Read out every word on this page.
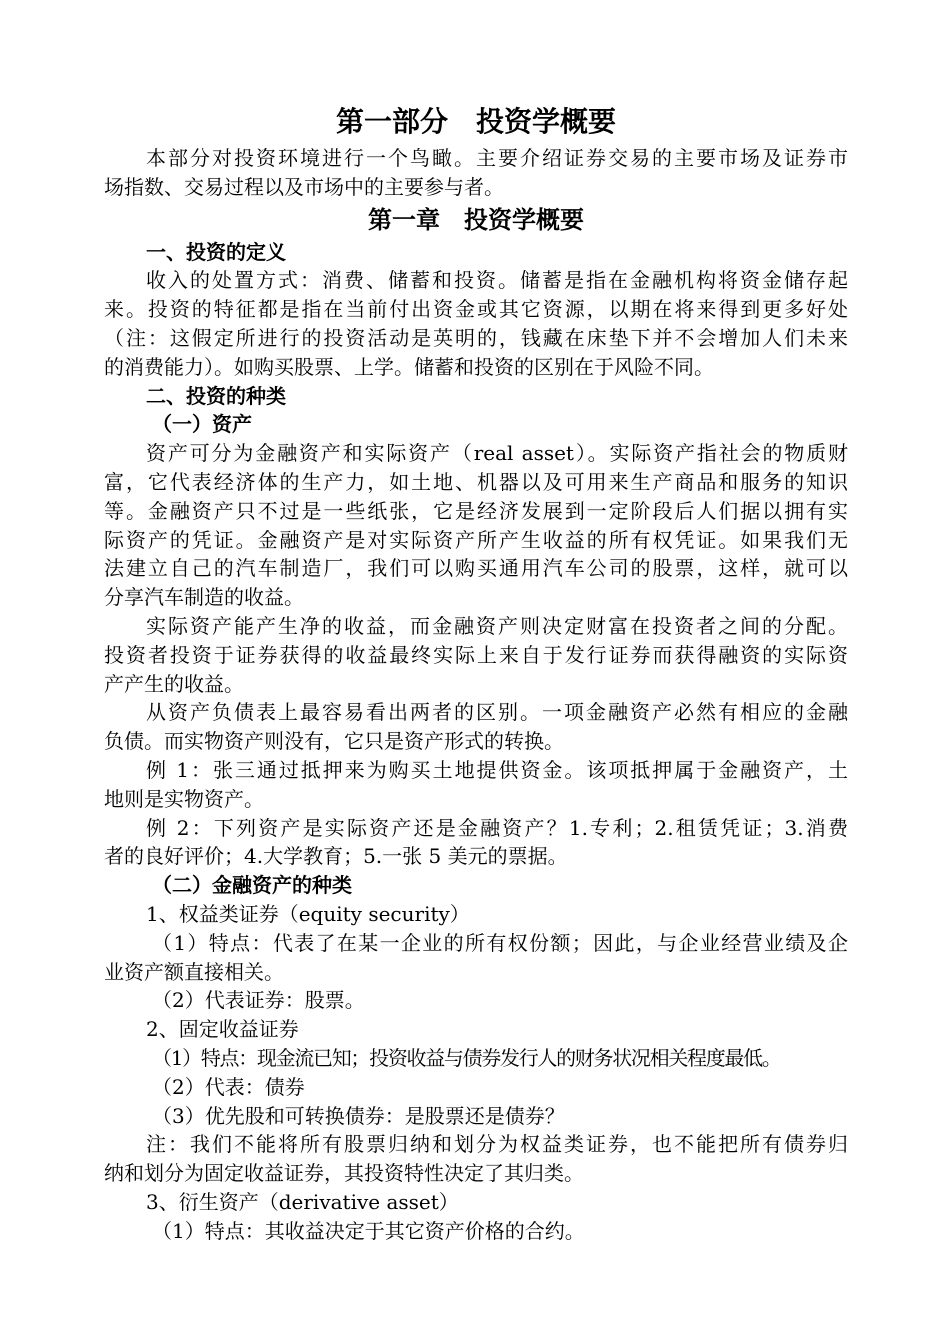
第一部分　投资学概要

本部分对投资环境进行一个鸟瞰。主要介绍证券交易的主要市场及证券市

场指数、交易过程以及市场中的主要参与者。

第一章　投资学概要
一、投资的定义

收入的处置方式：消费、储蓄和投资。储蓄是指在金融机构将资金储存起

来。投资的特征都是指在当前付出资金或其它资源，以期在将来得到更多好处

（注：这假定所进行的投资活动是英明的，钱藏在床垫下并不会增加人们未来

的消费能力）。如购买股票、上学。储蓄和投资的区别在于风险不同。

二、投资的种类
（一）资产

资产可分为金融资产和实际资产（real asset）。实际资产指社会的物质财

富，它代表经济体的生产力，如土地、机器以及可用来生产商品和服务的知识

等。金融资产只不过是一些纸张，它是经济发展到一定阶段后人们据以拥有实

际资产的凭证。金融资产是对实际资产所产生收益的所有权凭证。如果我们无

法建立自己的汽车制造厂，我们可以购买通用汽车公司的股票，这样，就可以

分享汽车制造的收益。

实际资产能产生净的收益，而金融资产则决定财富在投资者之间的分配。

投资者投资于证券获得的收益最终实际上来自于发行证券而获得融资的实际资

产产生的收益。

从资产负债表上最容易看出两者的区别。一项金融资产必然有相应的金融

负债。而实物资产则没有，它只是资产形式的转换。

例 1：张三通过抵押来为购买土地提供资金。该项抵押属于金融资产，土

地则是实物资产。

例 2：下列资产是实际资产还是金融资产？1.专利；2.租赁凭证；3.消费

者的良好评价；4.大学教育；5.一张 5 美元的票据。

（二）金融资产的种类

1、权益类证券（equity security）

（1）特点：代表了在某一企业的所有权份额；因此，与企业经营业绩及企

业资产额直接相关。

（2）代表证券：股票。

2、固定收益证券

（1）特点：现金流已知；投资收益与债券发行人的财务状况相关程度最低。

（2）代表：债券

（3）优先股和可转换债券：是股票还是债券？

注：我们不能将所有股票归纳和划分为权益类证券，也不能把所有债券归

纳和划分为固定收益证券，其投资特性决定了其归类。

3、衍生资产（derivative asset）

（1）特点：其收益决定于其它资产价格的合约。
